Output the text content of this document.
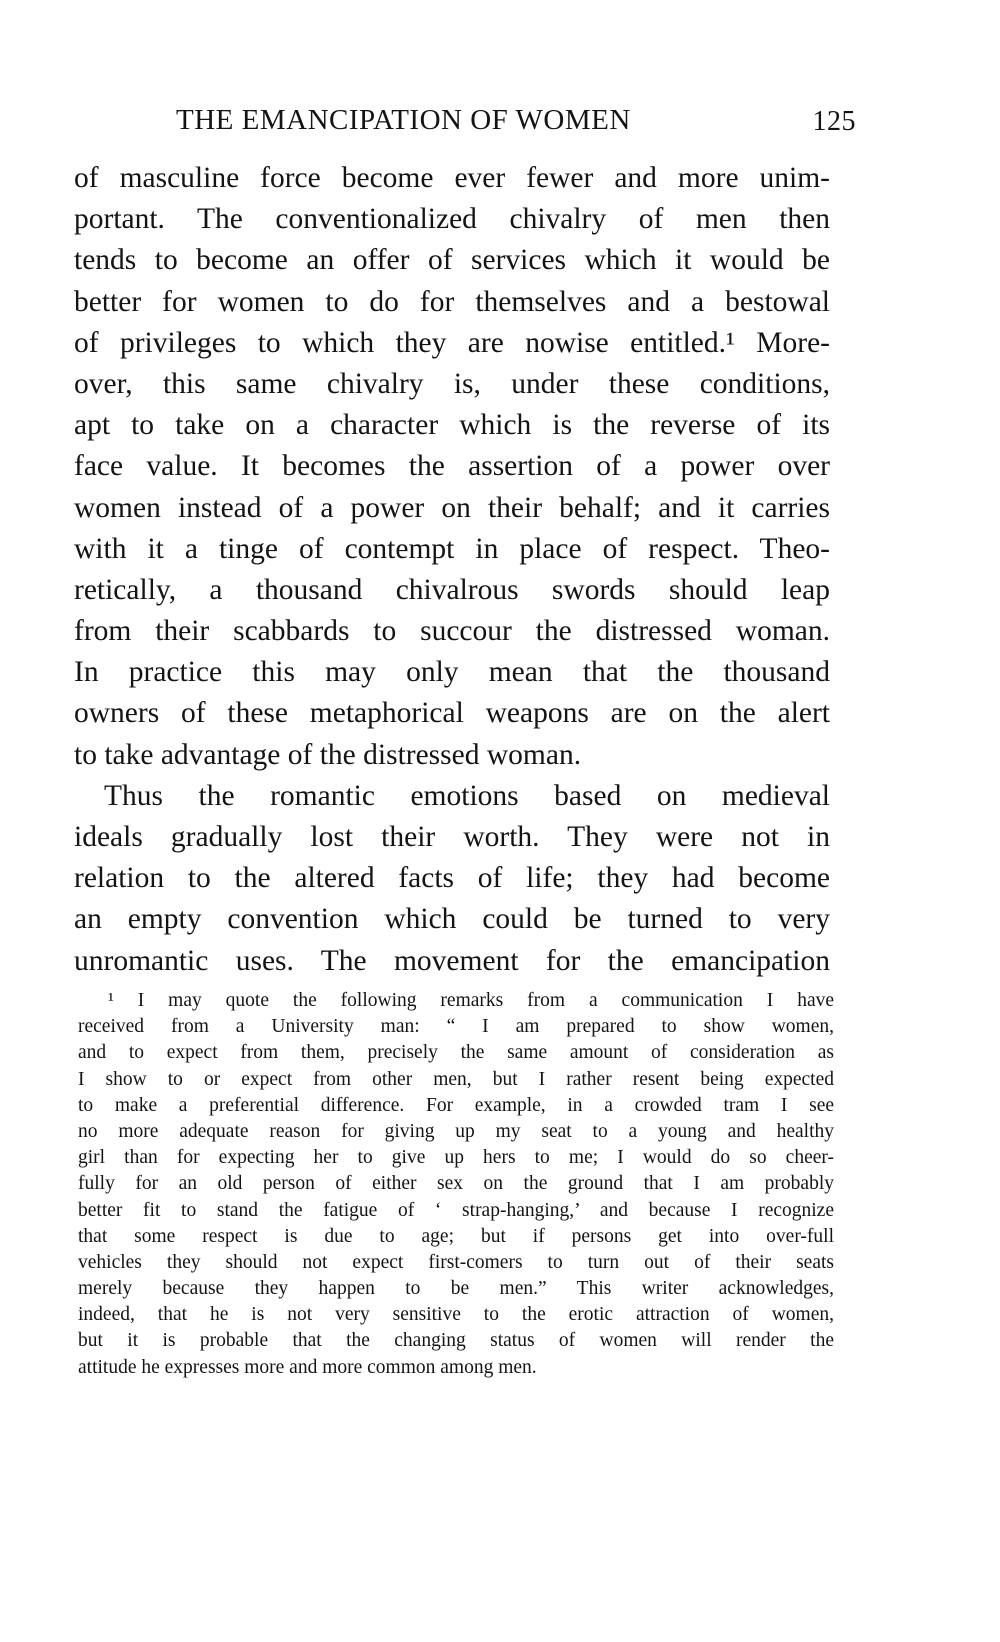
THE EMANCIPATION OF WOMEN	125
of masculine force become ever fewer and more unim-
portant. The conventionalized chivalry of men then
tends to become an offer of services which it would be
better for women to do for themselves and a bestowal
of privileges to which they are nowise entitled.¹ More-
over, this same chivalry is, under these conditions,
apt to take on a character which is the reverse of its
face value. It becomes the assertion of a power over
women instead of a power on their behalf; and it carries
with it a tinge of contempt in place of respect. Theo-
retically, a thousand chivalrous swords should leap
from their scabbards to succour the distressed woman.
In practice this may only mean that the thousand
owners of these metaphorical weapons are on the alert
to take advantage of the distressed woman.
Thus the romantic emotions based on medieval
ideals gradually lost their worth. They were not in
relation to the altered facts of life; they had become
an empty convention which could be turned to very
unromantic uses. The movement for the emancipation
¹ I may quote the following remarks from a communication I have
received from a University man: “ I am prepared to show women,
and to expect from them, precisely the same amount of consideration as
I show to or expect from other men, but I rather resent being expected
to make a preferential difference. For example, in a crowded tram I see
no more adequate reason for giving up my seat to a young and healthy
girl than for expecting her to give up hers to me; I would do so cheer-
fully for an old person of either sex on the ground that I am probably
better fit to stand the fatigue of ‘ strap-hanging,’ and because I recognize
that some respect is due to age; but if persons get into over-full
vehicles they should not expect first-comers to turn out of their seats
merely because they happen to be men.” This writer acknowledges,
indeed, that he is not very sensitive to the erotic attraction of women,
but it is probable that the changing status of women will render the
attitude he expresses more and more common among men.
